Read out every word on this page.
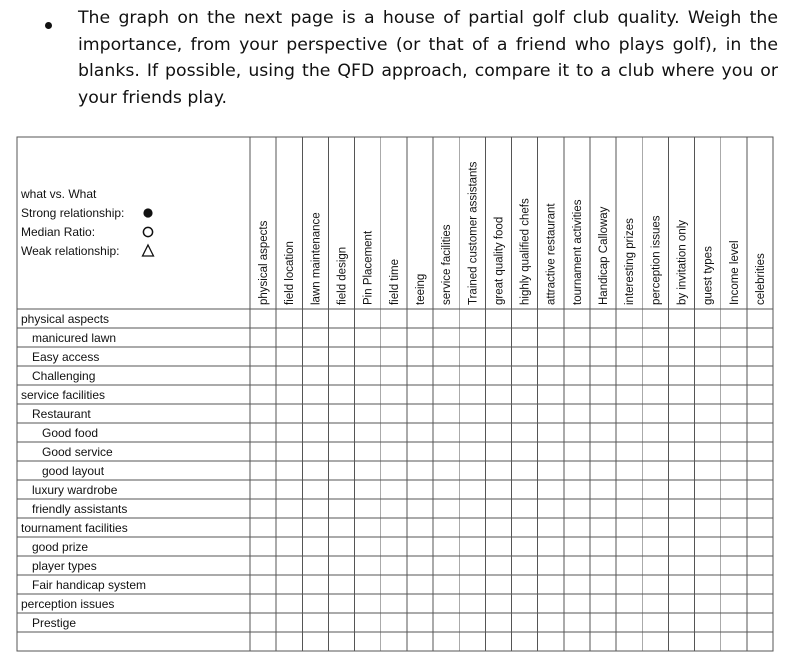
The graph on the next page is a house of partial golf club quality. Weigh the importance, from your perspective (or that of a friend who plays golf), in the blanks. If possible, using the QFD approach, compare it to a club where you or your friends play.
what vs. What
Strong relationship:
Median Ratio:
Weak relationship:	physical aspects field location lawn maintenance field design Pin Placement field time teeing service facilities Trained customer assistants great quality food highly qualified chefs attractive restaurant tournament activities Handicap Calloway interesting prizes perception issues by invitation only guest types Income level celebrities
physical aspects
manicured lawn
Easy access
Challenging
service facilities
Restaurant
Good food
Good service
good layout
luxury wardrobe
friendly assistants
tournament facilities
good prize
player types
Fair handicap system
perception issues
Prestige
